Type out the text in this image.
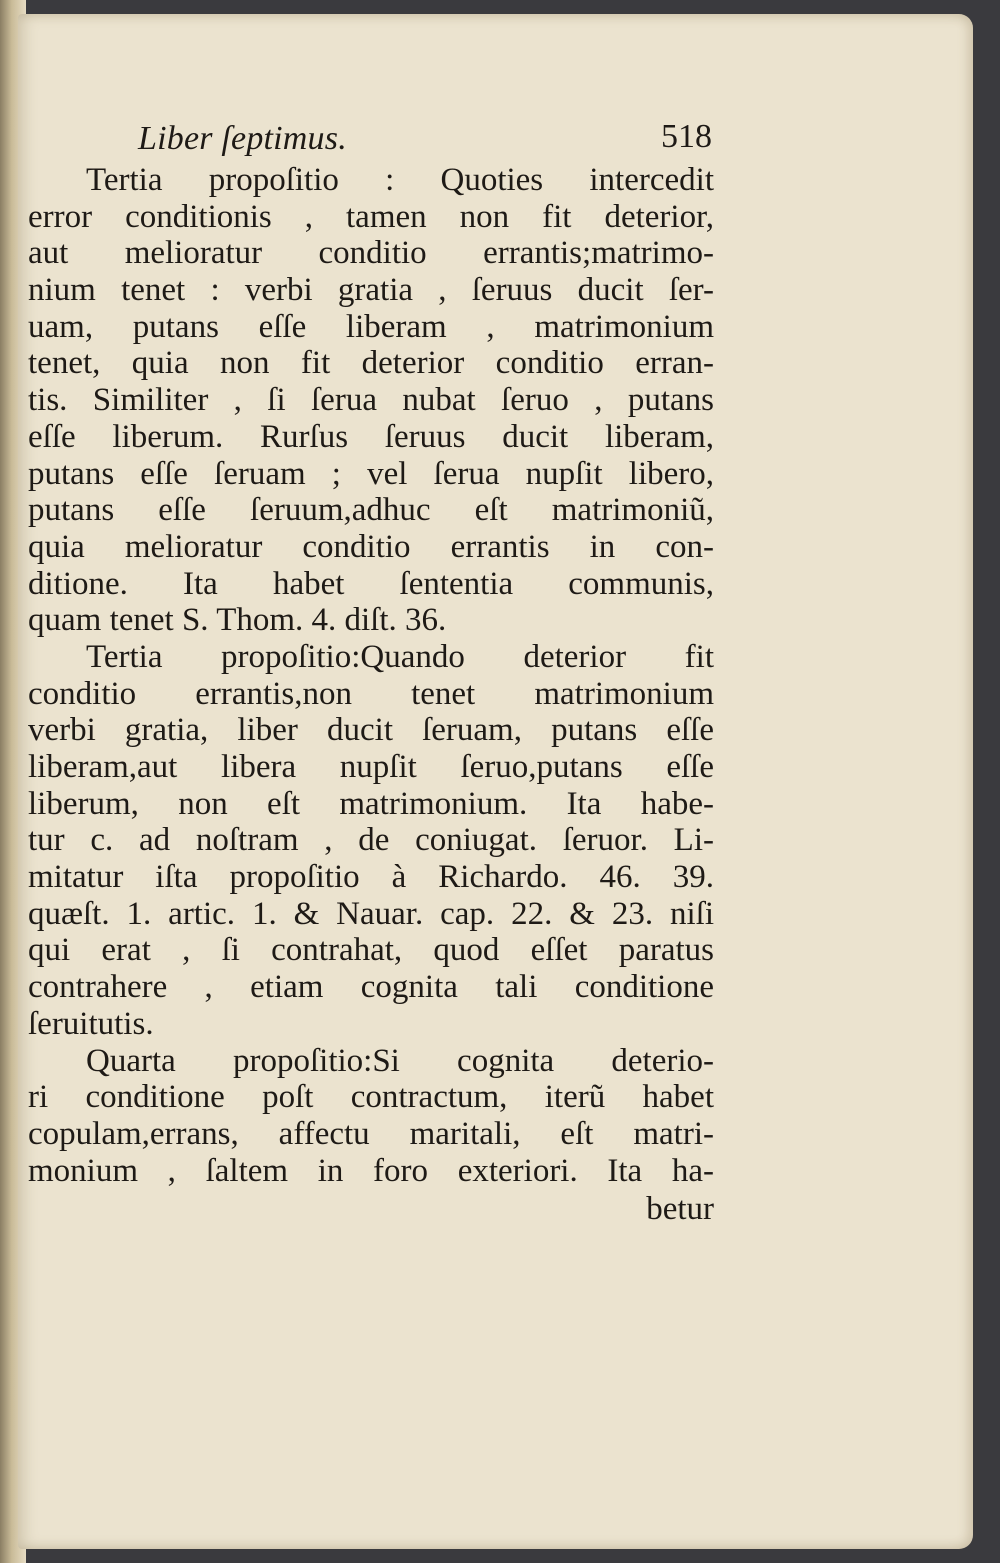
Liber ſeptimus.	518
Tertia propoſitio : Quoties intercedit
error conditionis , tamen non fit deterior,
aut melioratur conditio errantis;matrimo-
nium tenet : verbi gratia , ſeruus ducit ſer-
uam, putans eſſe liberam , matrimonium
tenet, quia non fit deterior conditio erran-
tis. Similiter , ſi ſerua nubat ſeruo , putans
eſſe liberum. Rurſus ſeruus ducit liberam,
putans eſſe ſeruam ; vel ſerua nupſit libero,
putans eſſe ſeruum,adhuc eſt matrimoniũ,
quia melioratur conditio errantis in con-
ditione. Ita habet ſententia communis,
quam tenet S. Thom. 4. diſt. 36.
Tertia propoſitio:Quando deterior fit
conditio errantis,non tenet matrimonium
verbi gratia, liber ducit ſeruam, putans eſſe
liberam,aut libera nupſit ſeruo,putans eſſe
liberum, non eſt matrimonium. Ita habe-
tur c. ad noſtram , de coniugat. ſeruor. Li-
mitatur iſta propoſitio à Richardo. 46. 39.
quæſt. 1. artic. 1. & Nauar. cap. 22. & 23. niſi
qui erat , ſi contrahat, quod eſſet paratus
contrahere , etiam cognita tali conditione
ſeruitutis.
Quarta propoſitio:Si cognita deterio-
ri conditione poſt contractum, iterũ habet
copulam,errans, affectu maritali, eſt matri-
monium , ſaltem in foro exteriori. Ita ha-
betur
